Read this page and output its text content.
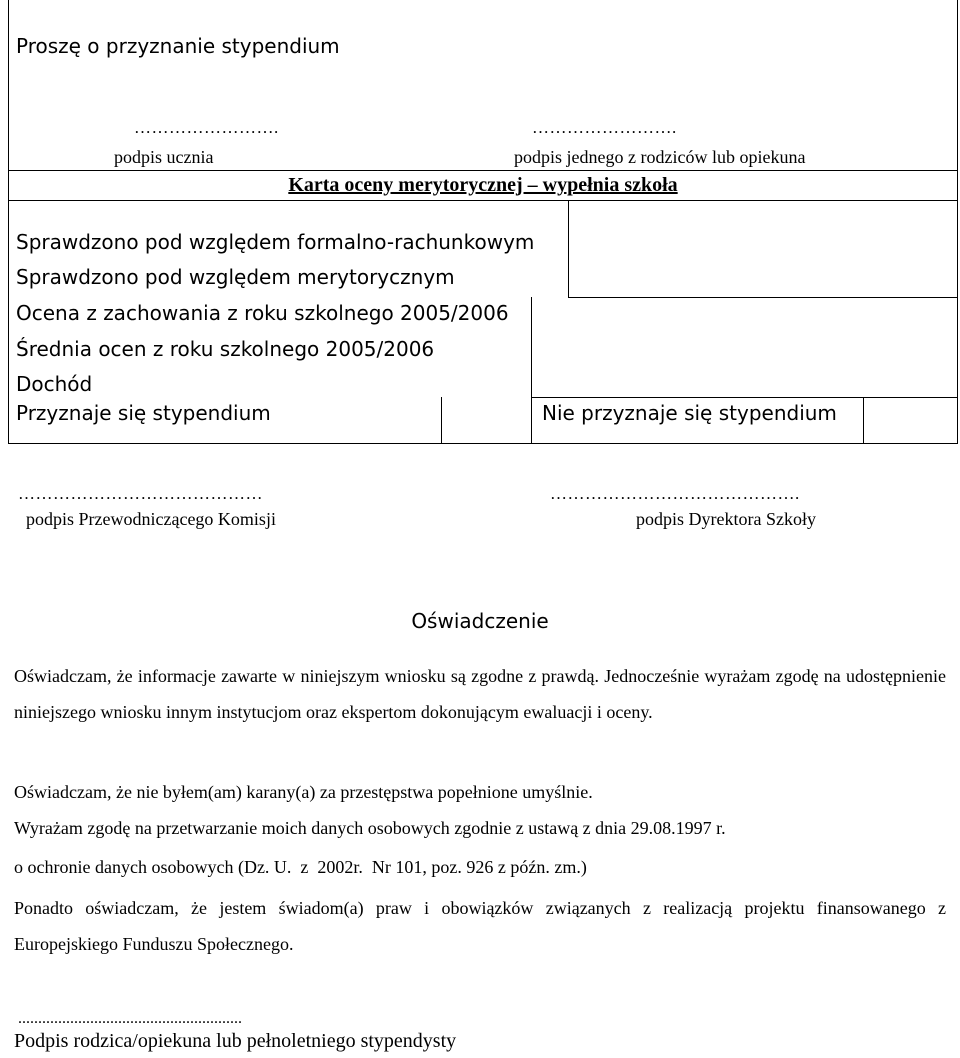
Proszę o przyznanie stypendium
…………………….	…………………….
podpis ucznia	podpis jednego z rodziców lub opiekuna
Karta oceny merytorycznej – wypełnia szkoła
Sprawdzono pod względem formalno-rachunkowym
Sprawdzono pod względem merytorycznym
Ocena z zachowania z roku szkolnego 2005/2006
Średnia ocen z roku szkolnego 2005/2006
Dochód
Przyznaje się stypendium	Nie przyznaje się stypendium
……………………………………	…………………………………….
podpis Przewodniczącego Komisji	podpis Dyrektora Szkoły
Oświadczenie
Oświadczam, że informacje zawarte w niniejszym wniosku są zgodne z prawdą. Jednocześnie wyrażam zgodę na udostępnienie niniejszego wniosku innym instytucjom oraz ekspertom dokonującym ewaluacji i oceny.
Oświadczam, że nie byłem(am) karany(a) za przestępstwa popełnione umyślnie.
Wyrażam zgodę na przetwarzanie moich danych osobowych zgodnie z ustawą z dnia 29.08.1997 r.
o ochronie danych osobowych (Dz. U.  z  2002r.  Nr 101, poz. 926 z późn. zm.)
Ponadto oświadczam, że jestem świadom(a) praw i obowiązków związanych z realizacją projektu finansowanego z Europejskiego Funduszu Społecznego.
........................................................
Podpis rodzica/opiekuna lub pełnoletniego stypendysty
